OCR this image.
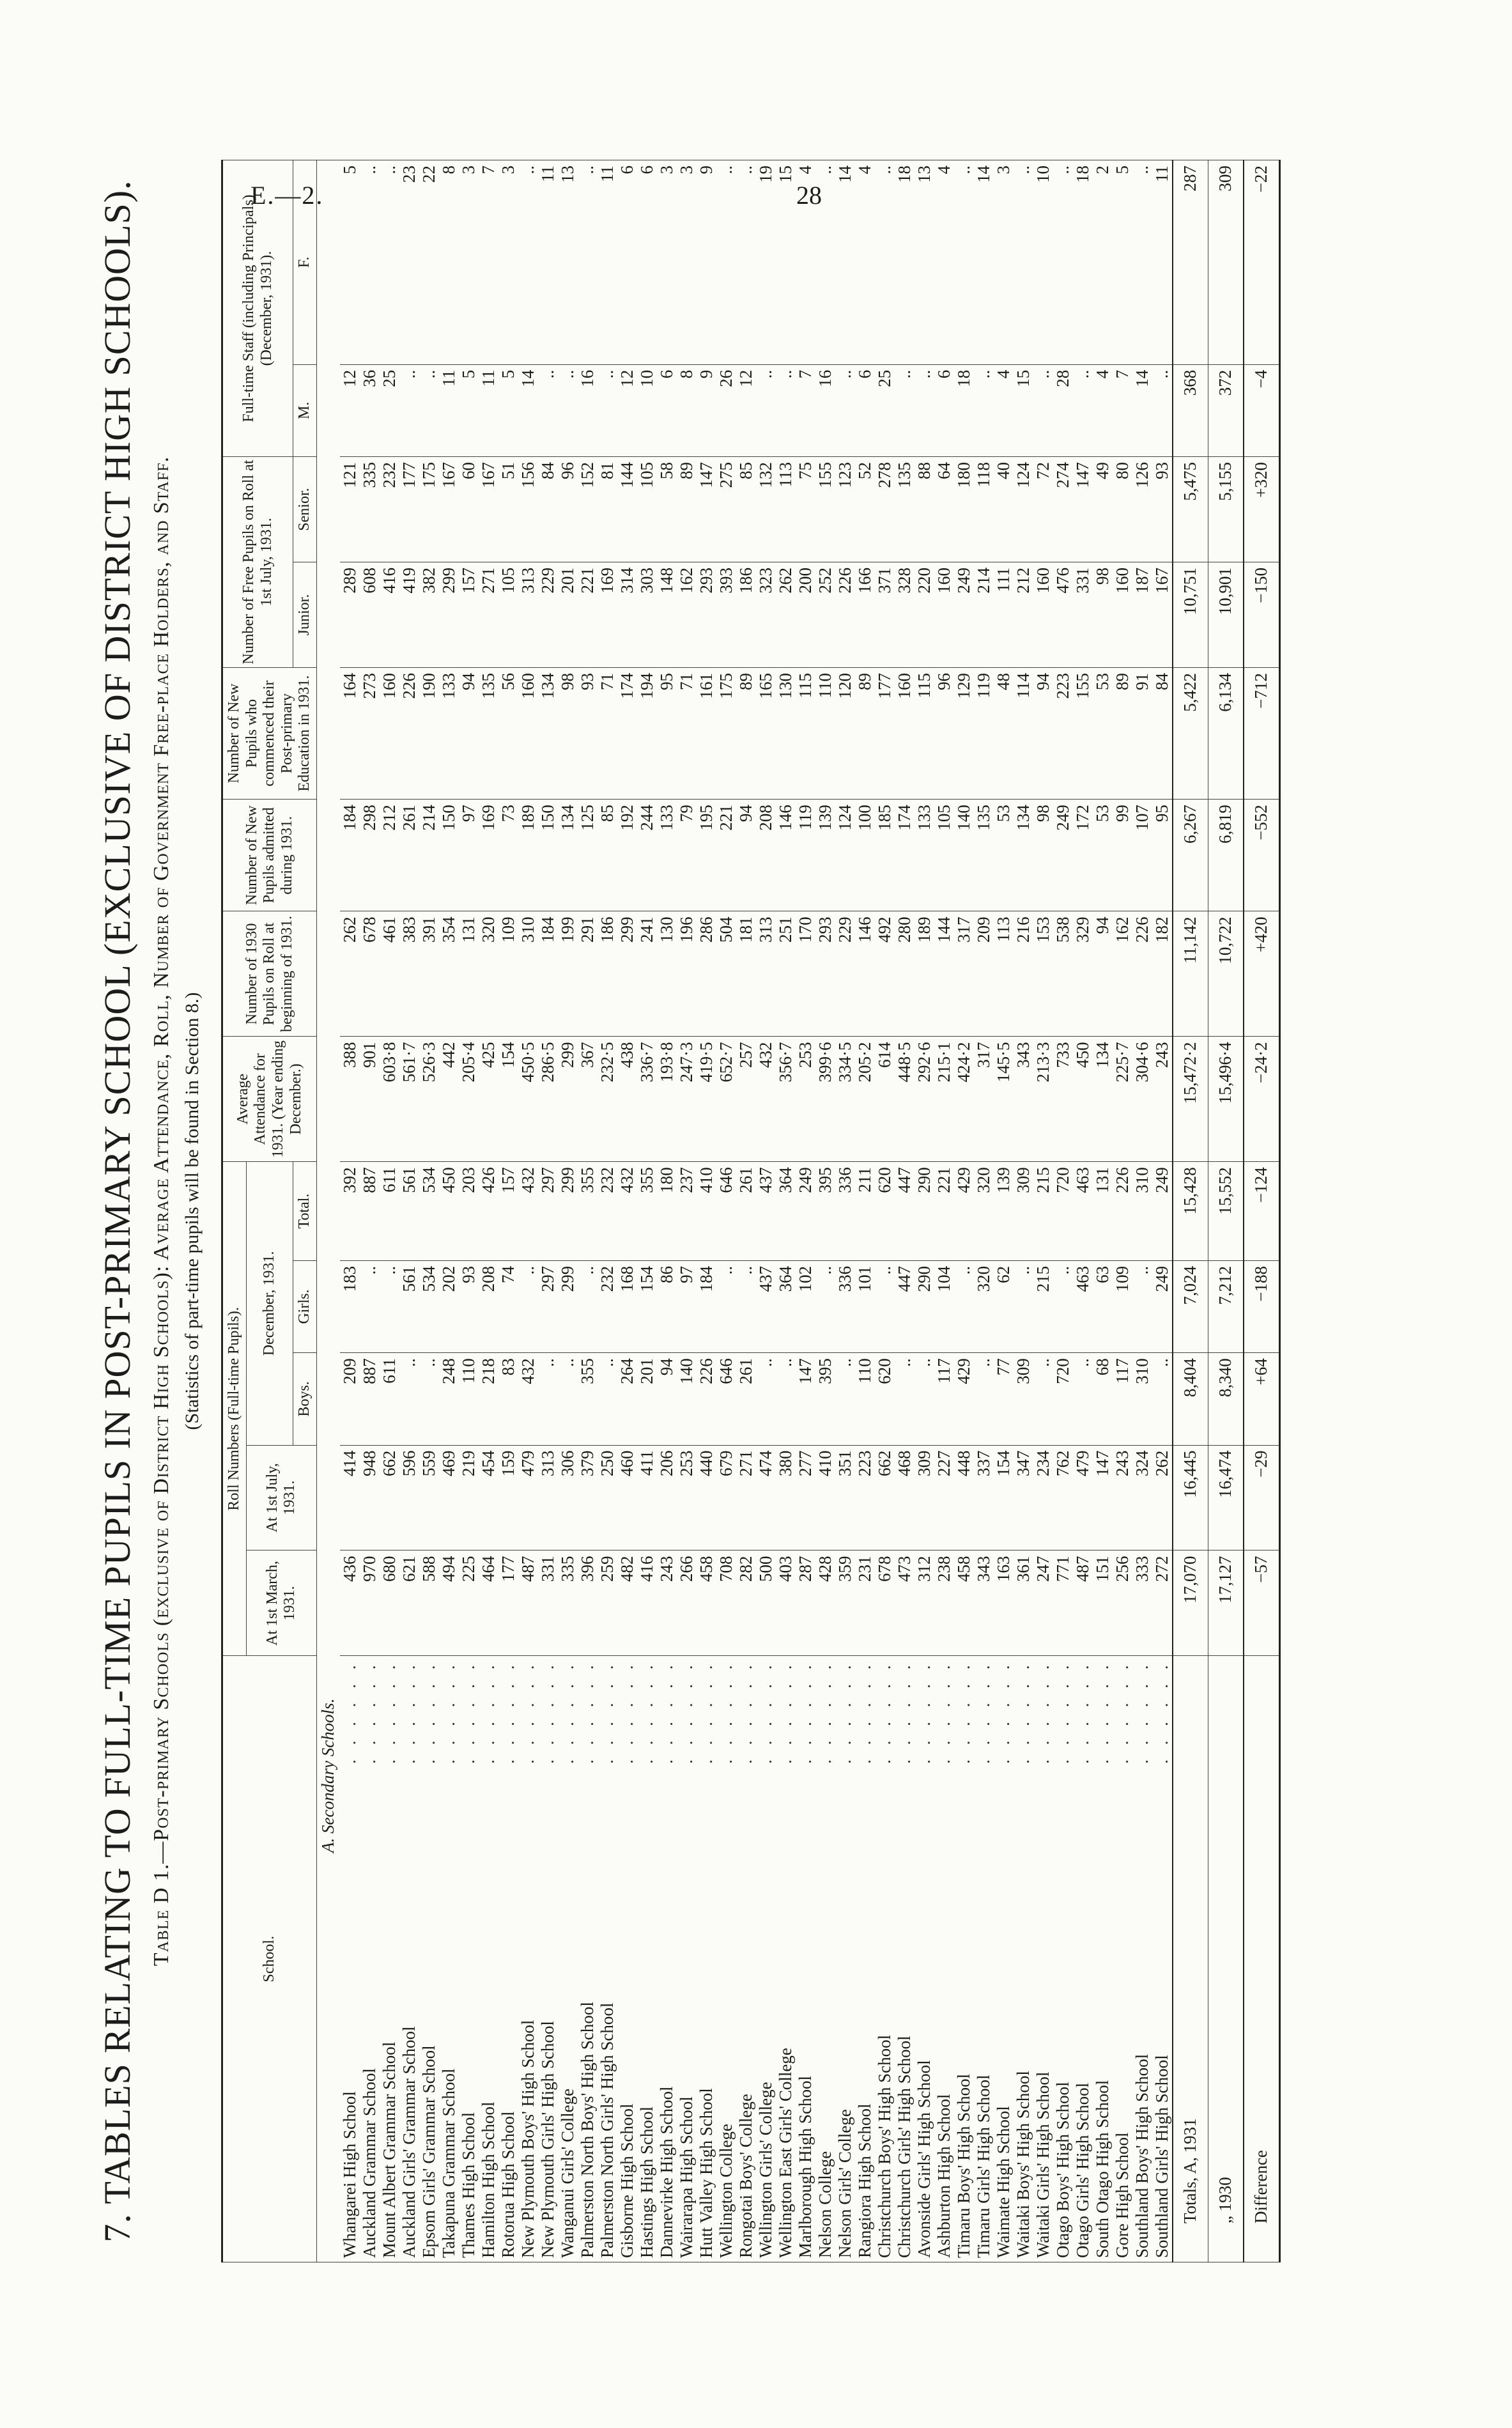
E.—2.	28
7. TABLES RELATING TO FULL-TIME PUPILS IN POST-PRIMARY SCHOOL (EXCLUSIVE OF DISTRICT HIGH SCHOOLS). Table D 1.—Post-primary Schools (exclusive of District High Schools): Average Attendance, Roll, Number of Government Free-place Holders, and Staff. (Statistics of part-time pupils will be found in Section 8.)
School.	Roll Numbers (Full-time Pupils).					Average Attendance for 1931. (Year ending December.)	Number of 1930 Pupils on Roll at beginning of 1931.	Number of New Pupils admitted during 1931.	Number of New Pupils who commenced their Post-primary Education in 1931.	Number of Free Pupils on Roll at 1st July, 1931.		Full-time Staff (including Principals) (December, 1931).	
	At 1st March, 1931.	At 1st July, 1931.	December, 1931.										
			Boys.	Girls.	Total.					Junior.	Senior.	M.	F.
A. Secondary Schools.													
Whangarei High School
. . . . . .	436	414	209	183	392	388	262	184	164	289	121	12	5
Auckland Grammar School
. . . . . .	970	948	887	..	887	901	678	298	273	608	335	36	..
Mount Albert Grammar School
. . . . . .	680	662	611	..	611	603·8	461	212	160	416	232	25	..
Auckland Girls' Grammar School
. . . . . .	621	596	..	561	561	561·7	383	261	226	419	177	..	23
Epsom Girls' Grammar School
. . . . . .	588	559	..	534	534	526·3	391	214	190	382	175	..	22
Takapuna Grammar School
. . . . . .	494	469	248	202	450	442	354	150	133	299	167	11	8
Thames High School
. . . . . .	225	219	110	93	203	205·4	131	97	94	157	60	5	3
Hamilton High School
. . . . . .	464	454	218	208	426	425	320	169	135	271	167	11	7
Rotorua High School
. . . . . .	177	159	83	74	157	154	109	73	56	105	51	5	3
New Plymouth Boys' High School
. . . . . .	487	479	432	..	432	450·5	310	189	160	313	156	14	..
New Plymouth Girls' High School
. . . . . .	331	313	..	297	297	286·5	184	150	134	229	84	..	11
Wanganui Girls' College
. . . . . .	335	306	..	299	299	299	199	134	98	201	96	..	13
Palmerston North Boys' High School
. . . . . .	396	379	355	..	355	367	291	125	93	221	152	16	..
Palmerston North Girls' High School
. . . . . .	259	250	..	232	232	232·5	186	85	71	169	81	..	11
Gisborne High School
. . . . . .	482	460	264	168	432	438	299	192	174	314	144	12	6
Hastings High School
. . . . . .	416	411	201	154	355	336·7	241	244	194	303	105	10	6
Dannevirke High School
. . . . . .	243	206	94	86	180	193·8	130	133	95	148	58	6	3
Wairarapa High School
. . . . . .	266	253	140	97	237	247·3	196	79	71	162	89	8	3
Hutt Valley High School
. . . . . .	458	440	226	184	410	419·5	286	195	161	293	147	9	9
Wellington College
. . . . . .	708	679	646	..	646	652·7	504	221	175	393	275	26	..
Rongotai Boys' College
. . . . . .	282	271	261	..	261	257	181	94	89	186	85	12	..
Wellington Girls' College
. . . . . .	500	474	..	437	437	432	313	208	165	323	132	..	19
Wellington East Girls' College
. . . . . .	403	380	..	364	364	356·7	251	146	130	262	113	..	15
Marlborough High School
. . . . . .	287	277	147	102	249	253	170	119	115	200	75	7	4
Nelson College
. . . . . .	428	410	395	..	395	399·6	293	139	110	252	155	16	..
Nelson Girls' College
. . . . . .	359	351	..	336	336	334·5	229	124	120	226	123	..	14
Rangiora High School
. . . . . .	231	223	110	101	211	205·2	146	100	89	166	52	6	4
Christchurch Boys' High School
. . . . . .	678	662	620	..	620	614	492	185	177	371	278	25	..
Christchurch Girls' High School
. . . . . .	473	468	..	447	447	448·5	280	174	160	328	135	..	18
Avonside Girls' High School
. . . . . .	312	309	..	290	290	292·6	189	133	115	220	88	..	13
Ashburton High School
. . . . . .	238	227	117	104	221	215·1	144	105	96	160	64	6	4
Timaru Boys' High School
. . . . . .	458	448	429	..	429	424·2	317	140	129	249	180	18	..
Timaru Girls' High School
. . . . . .	343	337	..	320	320	317	209	135	119	214	118	..	14
Waimate High School
. . . . . .	163	154	77	62	139	145·5	113	53	48	111	40	4	3
Waitaki Boys' High School
. . . . . .	361	347	309	..	309	343	216	134	114	212	124	15	..
Waitaki Girls' High School
. . . . . .	247	234	..	215	215	213·3	153	98	94	160	72	..	10
Otago Boys' High School
. . . . . .	771	762	720	..	720	733	538	249	223	476	274	28	..
Otago Girls' High School
. . . . . .	487	479	..	463	463	450	329	172	155	331	147	..	18
South Otago High School
. . . . . .	151	147	68	63	131	134	94	53	53	98	49	4	2
Gore High School
. . . . . .	256	243	117	109	226	225·7	162	99	89	160	80	7	5
Southland Boys' High School
. . . . . .	333	324	310	..	310	304·6	226	107	91	187	126	14	..
Southland Girls' High School
. . . . . .	272	262	..	249	249	243	182	95	84	167	93	..	11
Totals, A, 1931	17,070	16,445	8,404	7,024	15,428	15,472·2	11,142	6,267	5,422	10,751	5,475	368	287
„ 1930	17,127	16,474	8,340	7,212	15,552	15,496·4	10,722	6,819	6,134	10,901	5,155	372	309
Difference	−57	−29	+64	−188	−124	−24·2	+420	−552	−712	−150	+320	−4	−22
